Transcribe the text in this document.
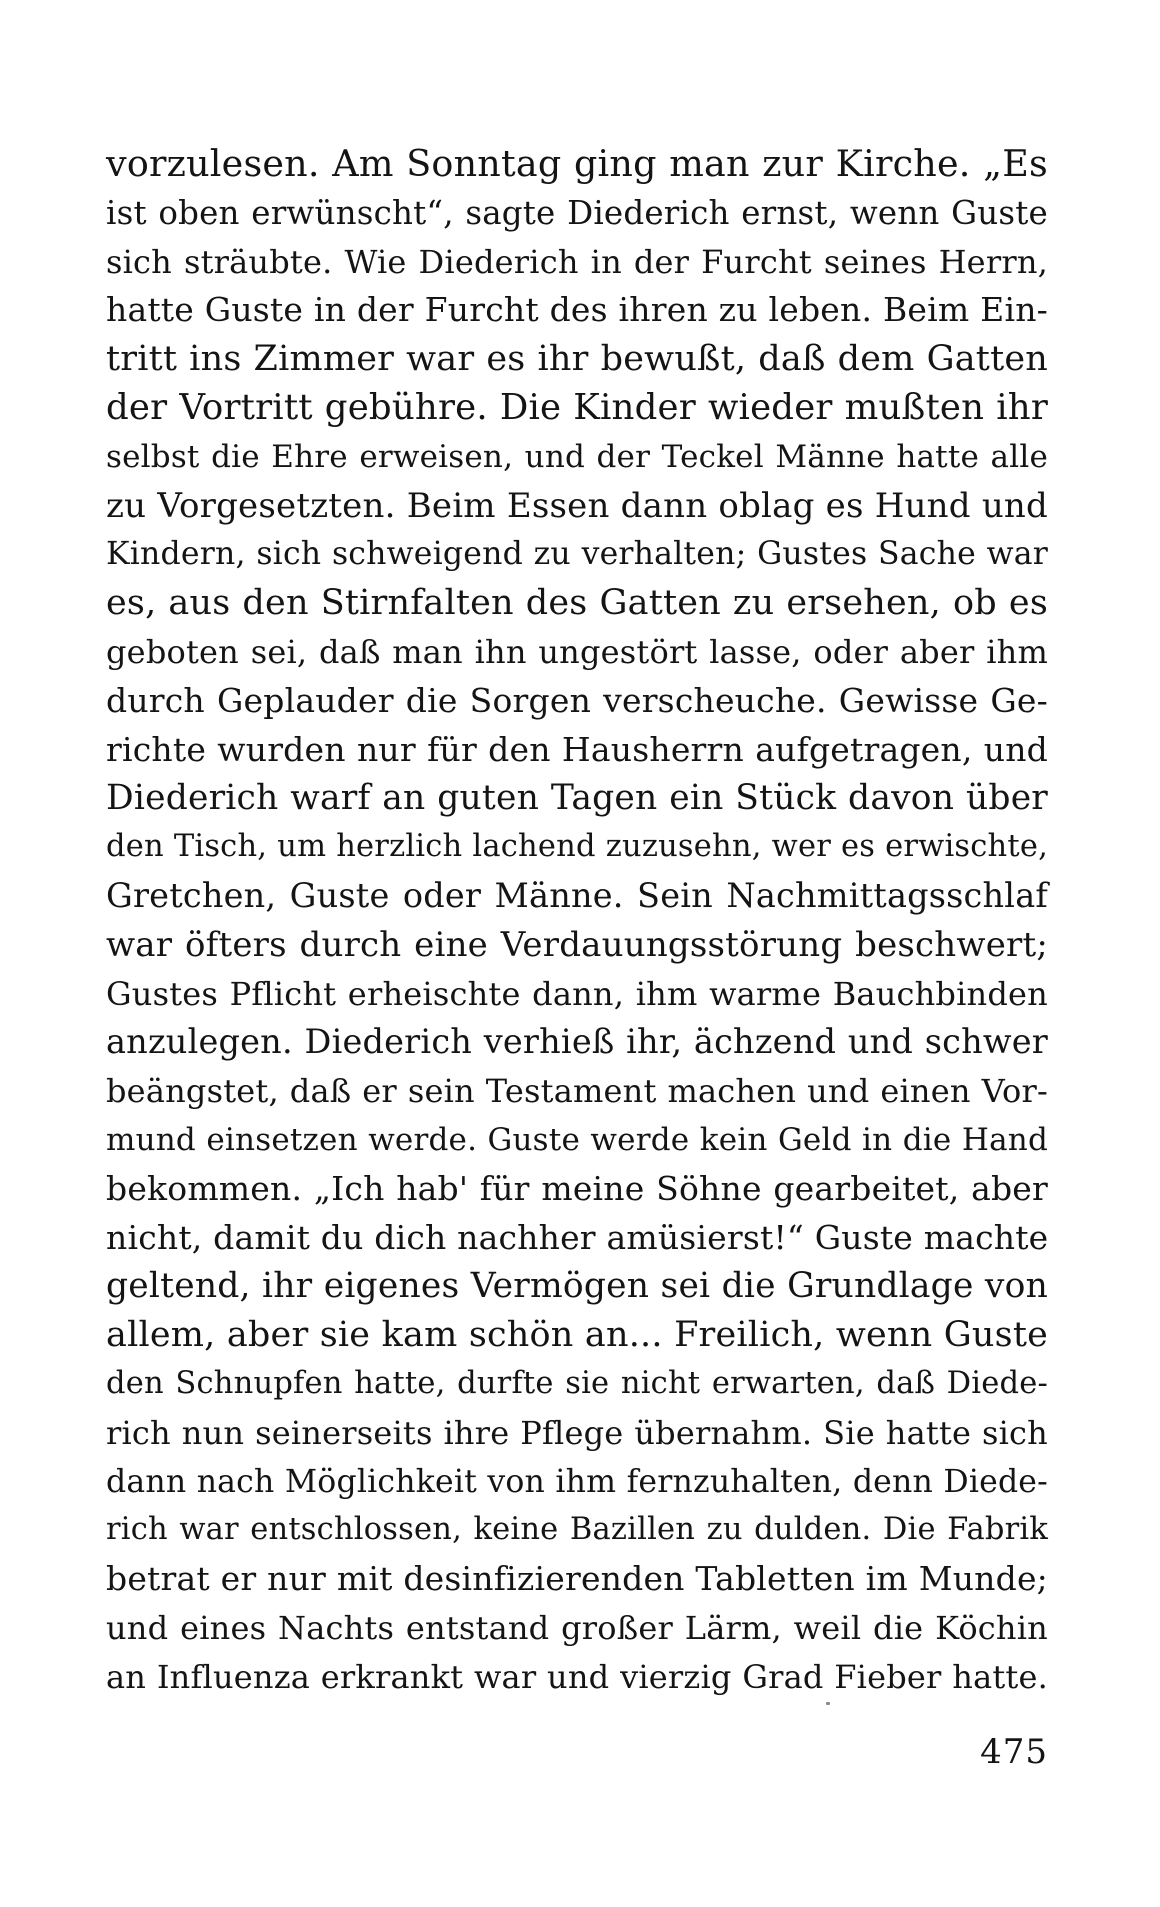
vorzulesen. Am Sonntag ging man zur Kirche. „Es
ist oben erwünscht“, sagte Diederich ernst, wenn Guste
sich sträubte. Wie Diederich in der Furcht seines Herrn,
hatte Guste in der Furcht des ihren zu leben. Beim Ein-
tritt ins Zimmer war es ihr bewußt, daß dem Gatten
der Vortritt gebühre. Die Kinder wieder mußten ihr
selbst die Ehre erweisen, und der Teckel Männe hatte alle
zu Vorgesetzten. Beim Essen dann oblag es Hund und
Kindern, sich schweigend zu verhalten; Gustes Sache war
es, aus den Stirnfalten des Gatten zu ersehen, ob es
geboten sei, daß man ihn ungestört lasse, oder aber ihm
durch Geplauder die Sorgen verscheuche. Gewisse Ge-
richte wurden nur für den Hausherrn aufgetragen, und
Diederich warf an guten Tagen ein Stück davon über
den Tisch, um herzlich lachend zuzusehn, wer es erwischte,
Gretchen, Guste oder Männe. Sein Nachmittagsschlaf
war öfters durch eine Verdauungsstörung beschwert;
Gustes Pflicht erheischte dann, ihm warme Bauchbinden
anzulegen. Diederich verhieß ihr, ächzend und schwer
beängstet, daß er sein Testament machen und einen Vor-
mund einsetzen werde. Guste werde kein Geld in die Hand
bekommen. „Ich hab' für meine Söhne gearbeitet, aber
nicht, damit du dich nachher amüsierst!“ Guste machte
geltend, ihr eigenes Vermögen sei die Grundlage von
allem, aber sie kam schön an... Freilich, wenn Guste
den Schnupfen hatte, durfte sie nicht erwarten, daß Diede-
rich nun seinerseits ihre Pflege übernahm. Sie hatte sich
dann nach Möglichkeit von ihm fernzuhalten, denn Diede-
rich war entschlossen, keine Bazillen zu dulden. Die Fabrik
betrat er nur mit desinfizierenden Tabletten im Munde;
und eines Nachts entstand großer Lärm, weil die Köchin
an Influenza erkrankt war und vierzig Grad Fieber hatte.
475
